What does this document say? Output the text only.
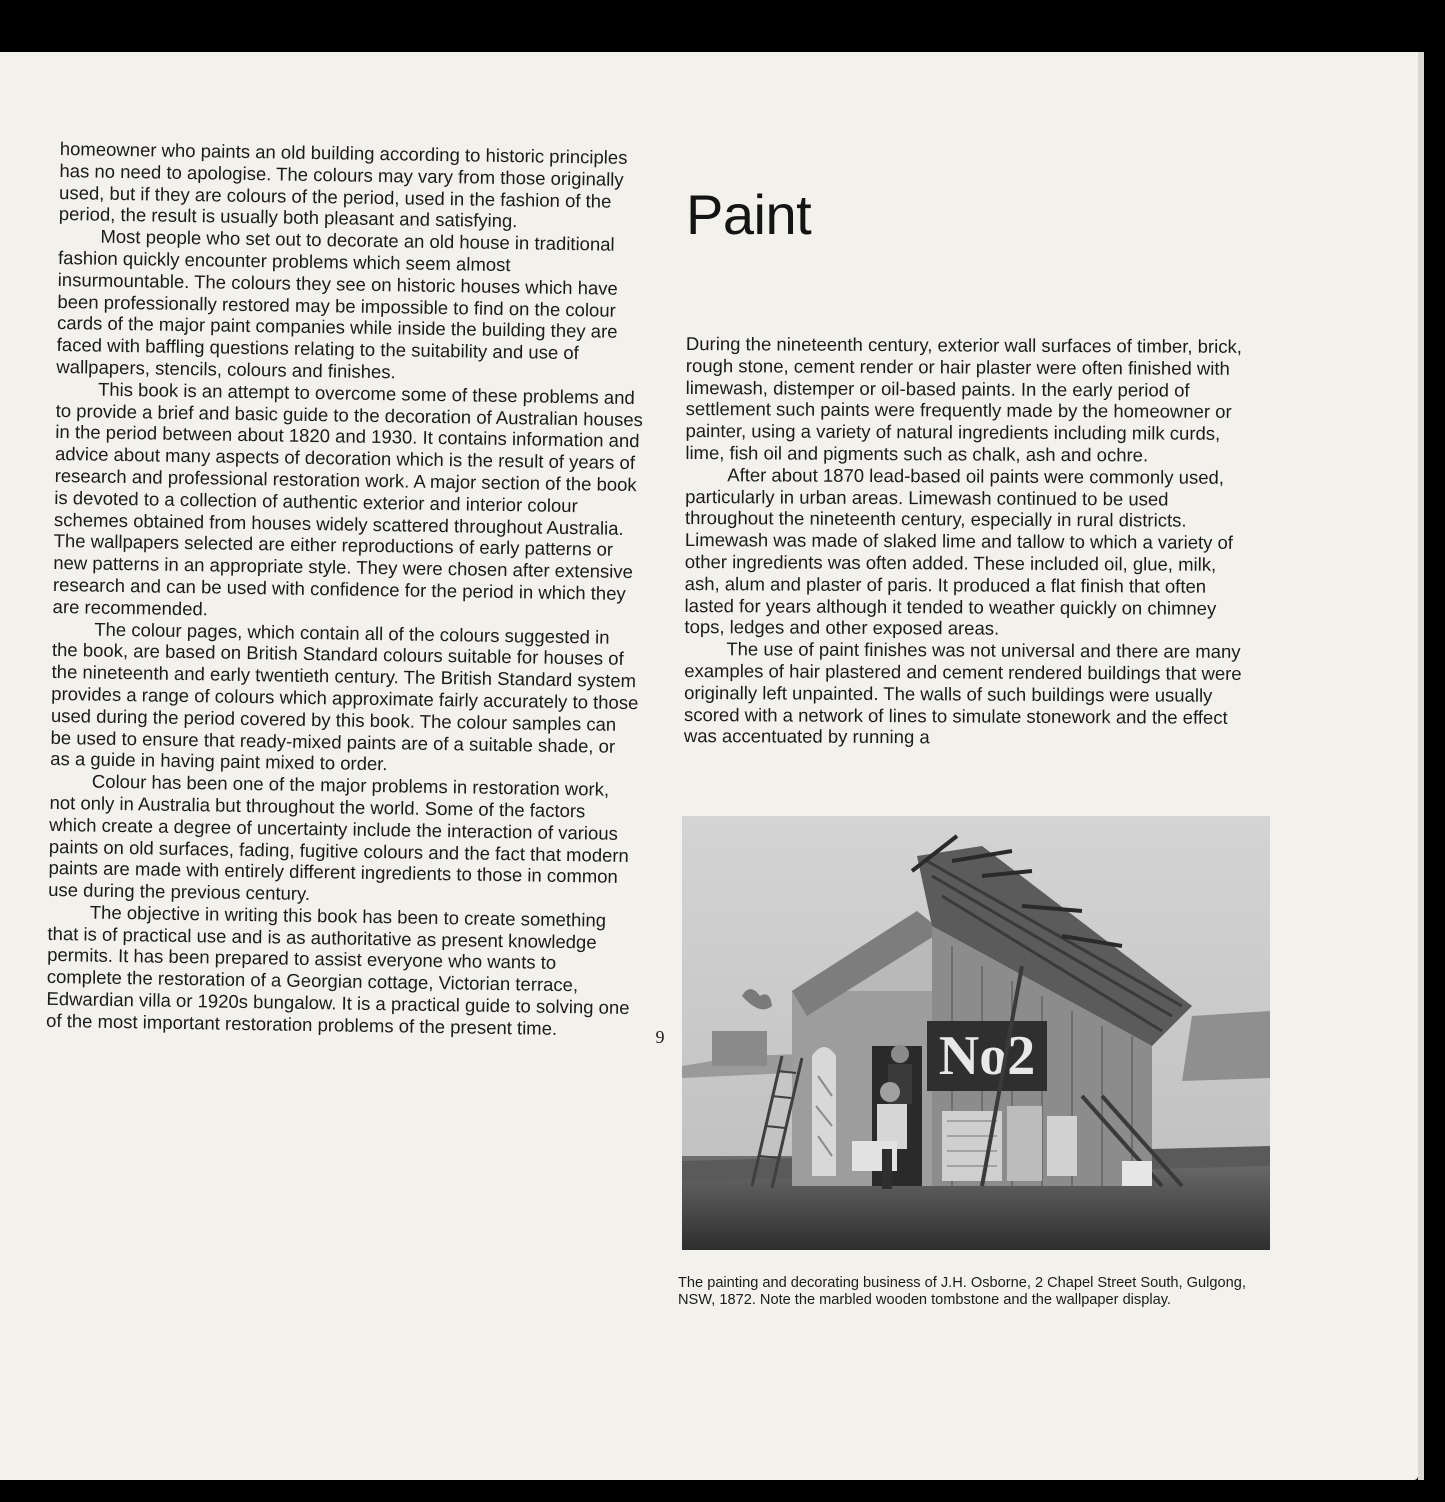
homeowner who paints an old building according to historic principles has no need to apologise. The colours may vary from those originally used, but if they are colours of the period, used in the fashion of the period, the result is usually both pleasant and satisfying.

Most people who set out to decorate an old house in traditional fashion quickly encounter problems which seem almost insurmountable. The colours they see on historic houses which have been professionally restored may be impossible to find on the colour cards of the major paint companies while inside the building they are faced with baffling questions relating to the suitability and use of wallpapers, stencils, colours and finishes.

This book is an attempt to overcome some of these problems and to provide a brief and basic guide to the decoration of Australian houses in the period between about 1820 and 1930. It contains information and advice about many aspects of decoration which is the result of years of research and professional restoration work. A major section of the book is devoted to a collection of authentic exterior and interior colour schemes obtained from houses widely scattered throughout Australia. The wallpapers selected are either reproductions of early patterns or new patterns in an appropriate style. They were chosen after extensive research and can be used with confidence for the period in which they are recommended.

The colour pages, which contain all of the colours suggested in the book, are based on British Standard colours suitable for houses of the nineteenth and early twentieth century. The British Standard system provides a range of colours which approximate fairly accurately to those used during the period covered by this book. The colour samples can be used to ensure that ready-mixed paints are of a suitable shade, or as a guide in having paint mixed to order.

Colour has been one of the major problems in restoration work, not only in Australia but throughout the world. Some of the factors which create a degree of uncertainty include the interaction of various paints on old surfaces, fading, fugitive colours and the fact that modern paints are made with entirely different ingredients to those in common use during the previous century.

The objective in writing this book has been to create something that is of practical use and is as authoritative as present knowledge permits. It has been prepared to assist everyone who wants to complete the restoration of a Georgian cottage, Victorian terrace, Edwardian villa or 1920s bungalow. It is a practical guide to solving one of the most important restoration problems of the present time.

Paint

During the nineteenth century, exterior wall surfaces of timber, brick, rough stone, cement render or hair plaster were often finished with limewash, distemper or oil-based paints. In the early period of settlement such paints were frequently made by the homeowner or painter, using a variety of natural ingredients including milk curds, lime, fish oil and pigments such as chalk, ash and ochre.

After about 1870 lead-based oil paints were commonly used, particularly in urban areas. Limewash continued to be used throughout the nineteenth century, especially in rural districts. Limewash was made of slaked lime and tallow to which a variety of other ingredients was often added. These included oil, glue, milk, ash, alum and plaster of paris. It produced a flat finish that often lasted for years although it tended to weather quickly on chimney tops, ledges and other exposed areas.

The use of paint finishes was not universal and there are many examples of hair plastered and cement rendered buildings that were originally left unpainted. The walls of such buildings were usually scored with a network of lines to simulate stonework and the effect was accentuated by running a

No2

The painting and decorating business of J.H. Osborne, 2 Chapel Street South, Gulgong, NSW, 1872. Note the marbled wooden tombstone and the wallpaper display.

9
